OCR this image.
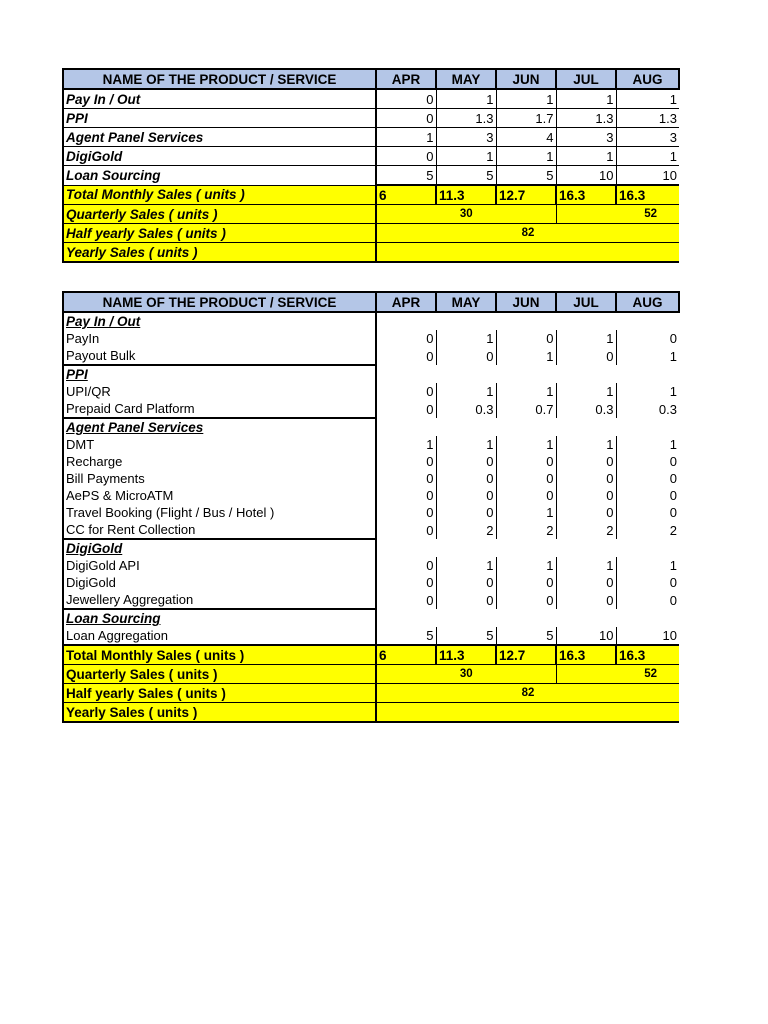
NAME OF THE PRODUCT / SERVICE	APR	MAY	JUN	JUL	AUG
Pay In / Out	0	1	1	1	1
PPI	0	1.3	1.7	1.3	1.3
Agent Panel Services	1	3	4	3	3
DigiGold	0	1	1	1	1
Loan Sourcing	5	5	5	10	10
Total Monthly Sales ( units )	6	11.3	12.7	16.3	16.3
Quarterly Sales ( units )	30			52	
Half yearly Sales ( units )	82				
Yearly Sales ( units )					
NAME OF THE PRODUCT / SERVICE	APR	MAY	JUN	JUL	AUG
Pay In / Out					
PayIn	0	1	0	1	0
Payout Bulk	0	0	1	0	1
PPI					
UPI/QR	0	1	1	1	1
Prepaid Card Platform	0	0.3	0.7	0.3	0.3
Agent Panel Services					
DMT	1	1	1	1	1
Recharge	0	0	0	0	0
Bill Payments	0	0	0	0	0
AePS & MicroATM	0	0	0	0	0
Travel Booking (Flight / Bus / Hotel )	0	0	1	0	0
CC for Rent Collection	0	2	2	2	2
DigiGold					
DigiGold API	0	1	1	1	1
DigiGold	0	0	0	0	0
Jewellery Aggregation	0	0	0	0	0
Loan Sourcing					
Loan Aggregation	5	5	5	10	10
Total Monthly Sales ( units )	6	11.3	12.7	16.3	16.3
Quarterly Sales ( units )	30			52	
Half yearly Sales ( units )	82				
Yearly Sales ( units )					
